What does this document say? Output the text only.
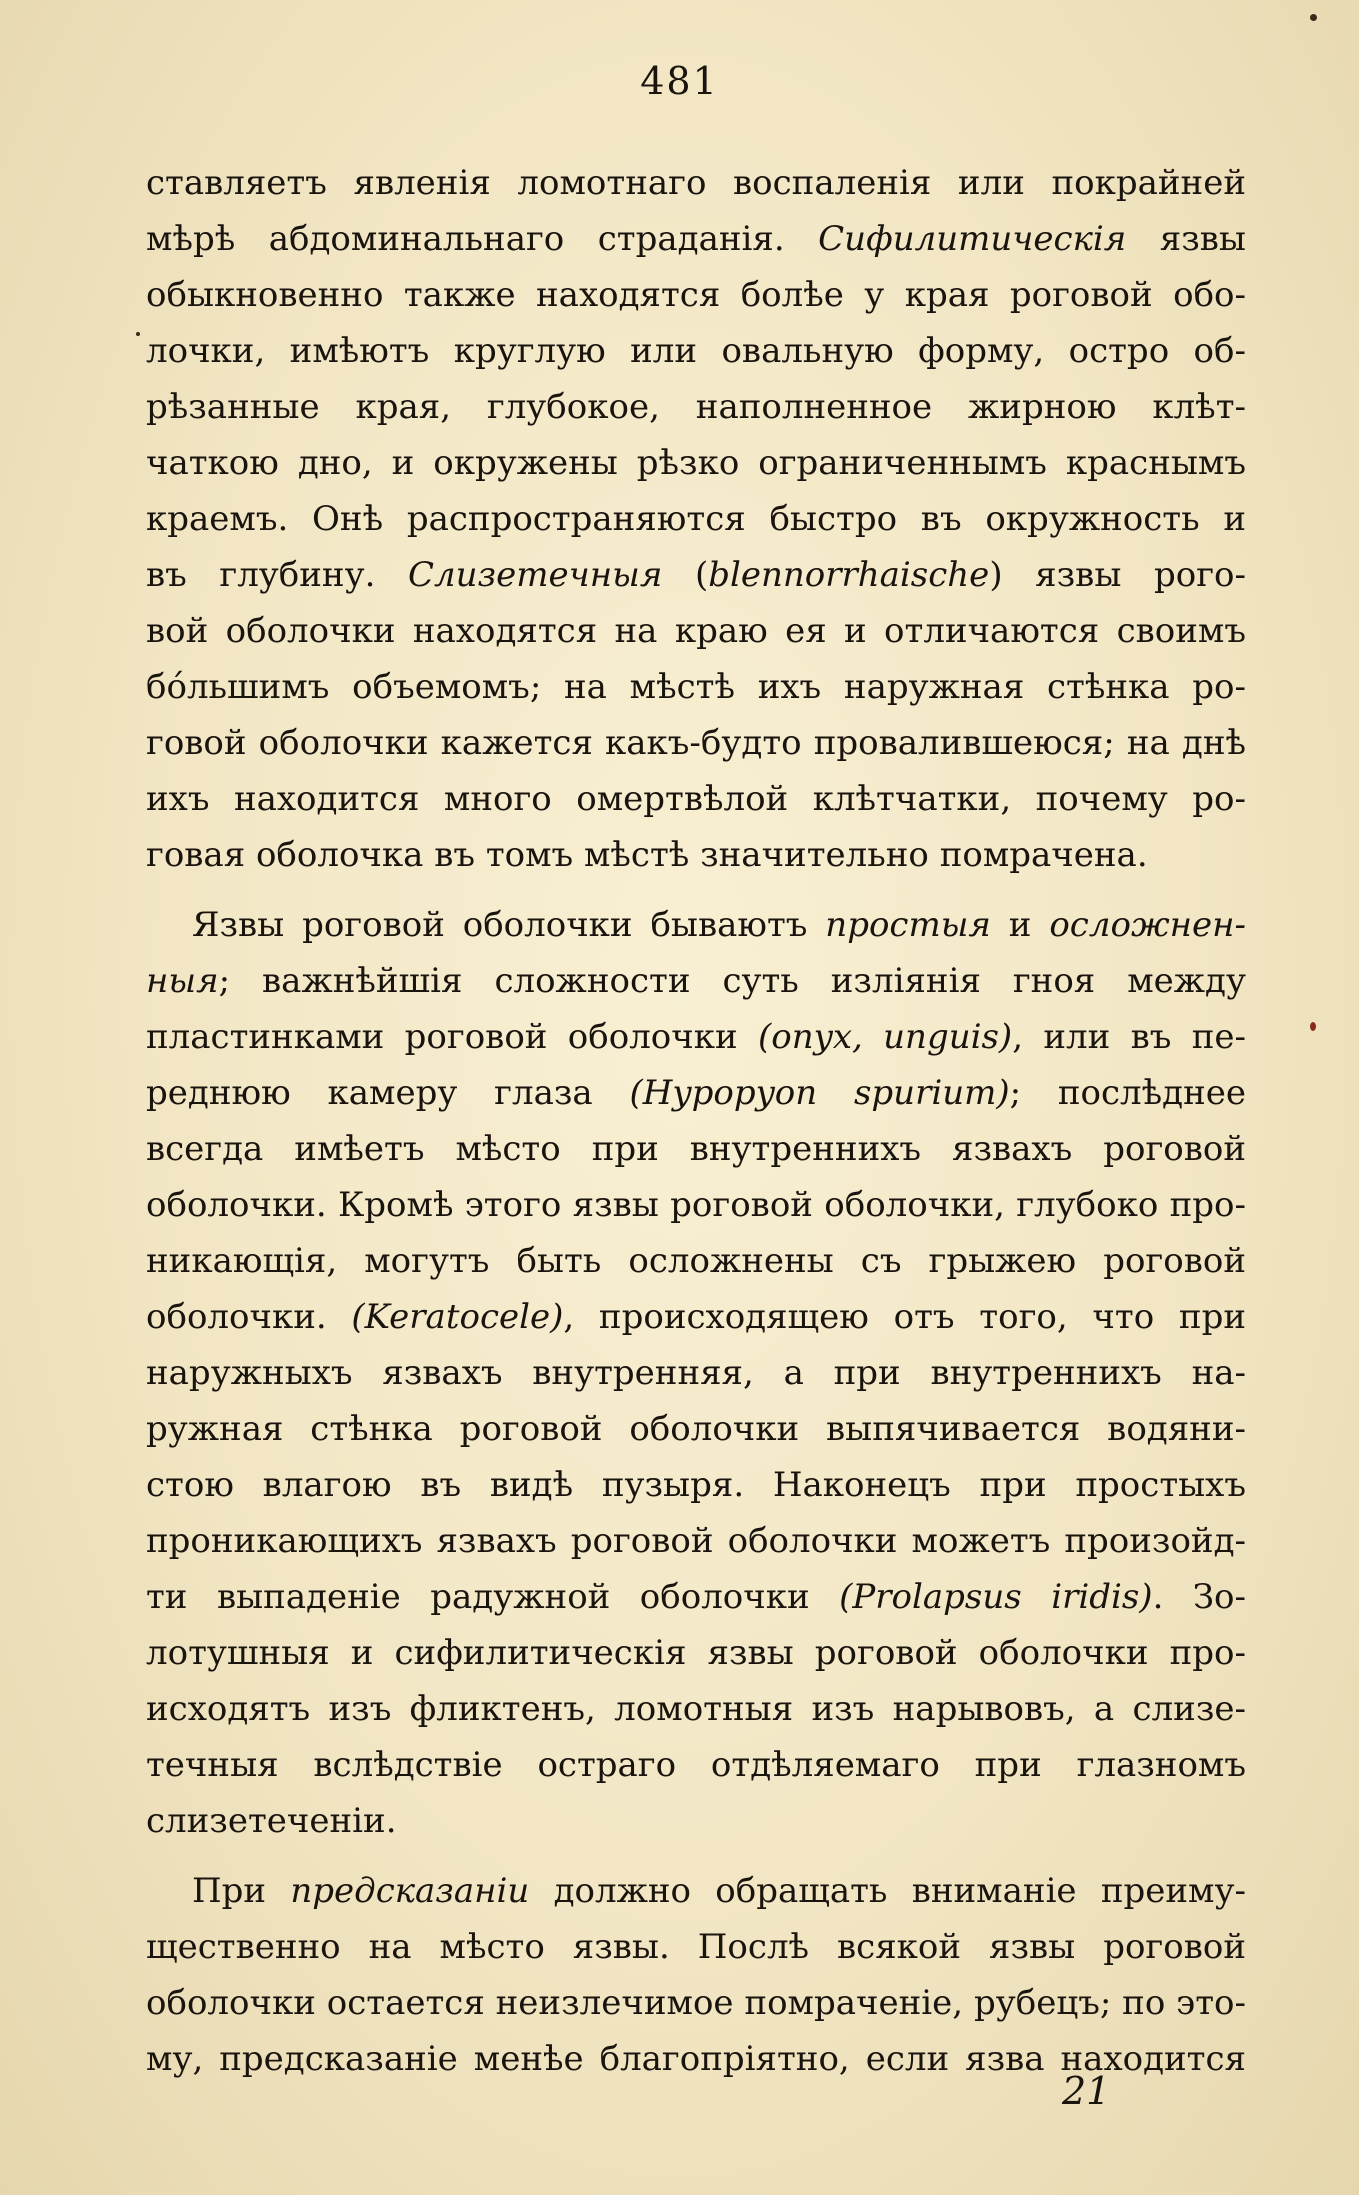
481
ставляетъ явленія ломотнаго воспаленія или покрайней
мѣрѣ абдоминальнаго страданія. Сифилитическія язвы
обыкновенно также находятся болѣе у края роговой обо-
лочки, имѣютъ круглую или овальную форму, остро об-
рѣзанные края, глубокое, наполненное жирною клѣт-
чаткою дно, и окружены рѣзко ограниченнымъ краснымъ
краемъ. Онѣ распространяются быстро въ окружность и
въ глубину. Слизетечныя (blennorrhaische) язвы рого-
вой оболочки находятся на краю ея и отличаются своимъ
бо́льшимъ объемомъ; на мѣстѣ ихъ наружная стѣнка ро-
говой оболочки кажется какъ-будто провалившеюся; на днѣ
ихъ находится много омертвѣлой клѣтчатки, почему ро-
говая оболочка въ томъ мѣстѣ значительно помрачена.
Язвы роговой оболочки бываютъ простыя и осложнен-
ныя; важнѣйшія сложности суть изліянія гноя между
пластинками роговой оболочки (onyx, unguis), или въ пе-
реднюю камеру глаза (Hypopyon spurium); послѣднее
всегда имѣетъ мѣсто при внутреннихъ язвахъ роговой
оболочки. Кромѣ этого язвы роговой оболочки, глубоко про-
никающія, могутъ быть осложнены съ грыжею роговой
оболочки. (Keratocele), происходящею отъ того, что при
наружныхъ язвахъ внутренняя, а при внутреннихъ на-
ружная стѣнка роговой оболочки выпячивается водяни-
стою влагою въ видѣ пузыря. Наконецъ при простыхъ
проникающихъ язвахъ роговой оболочки можетъ произойд-
ти выпаденіе радужной оболочки (Prolapsus iridis). Зо-
лотушныя и сифилитическія язвы роговой оболочки про-
исходятъ изъ фликтенъ, ломотныя изъ нарывовъ, а слизе-
течныя вслѣдствіе остраго отдѣляемаго при глазномъ
слизетеченіи.
При предсказаніи должно обращать вниманіе преиму-
щественно на мѣсто язвы. Послѣ всякой язвы роговой
оболочки остается неизлечимое помраченіе, рубецъ; по это-
му, предсказаніе менѣе благопріятно, если язва находится
21
